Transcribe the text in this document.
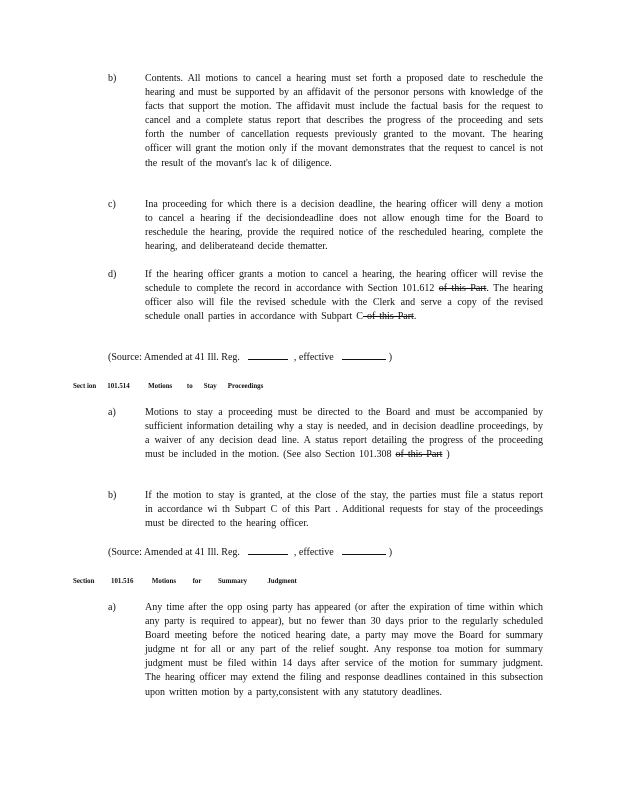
b)	Contents. All motions to cancel a hearing must set forth a proposed date to reschedule the hearing and must be supported by an affidavit of the personor persons with knowledge of the facts that support the motion. The affidavit must include the factual basis for the request to cancel and a complete status report that describes the progress of the proceeding and sets forth the number of cancellation requests previously granted to the movant. The hearing officer will grant the motion only if the movant demonstrates that the request to cancel is not the result of the movant's lac k of diligence.
c)	Ina proceeding for which there is a decision deadline, the hearing officer will deny a motion to cancel a hearing if the decisiondeadline does not allow enough time for the Board to reschedule the hearing, provide the required notice of the rescheduled hearing, complete the hearing, and deliberateand decide thematter.
d)	If the hearing officer grants a motion to cancel a hearing, the hearing officer will revise the schedule to complete the record in accordance with Section 101.612 of this Part. The hearing officer also will file the revised schedule with the Clerk and serve a copy of the revised schedule onall parties in accordance with Subpart C of this Part.
(Source: Amended at 41 Ill. Reg.	, effective	)
Sect ion 101.514 Motions to Stay Proceedings
a)	Motions to stay a proceeding must be directed to the Board and must be accompanied by sufficient information detailing why a stay is needed, and in decision deadline proceedings, by a waiver of any decision dead line. A status report detailing the progress of the proceeding must be included in the motion. (See also Section 101.308 of this Part )
b)	If the motion to stay is granted, at the close of the stay, the parties must file a status report in accordance wi th Subpart C of this Part . Additional requests for stay of the proceedings must be directed to the hearing officer.
(Source: Amended at 41 Ill. Reg.	, effective	)
Section 101.516 Motions for Summary	Judgment
a)	Any time after the opp osing party has appeared (or after the expiration of time within which any party is required to appear), but no fewer than 30 days prior to the regularly scheduled Board meeting before the noticed hearing date, a party may move the Board for summary judgme nt for all or any part of the relief sought. Any response toa motion for summary judgment must be filed within 14 days after service of the motion for summary judgment. The hearing officer may extend the filing and response deadlines contained in this subsection upon written motion by a party,consistent with any statutory deadlines.
